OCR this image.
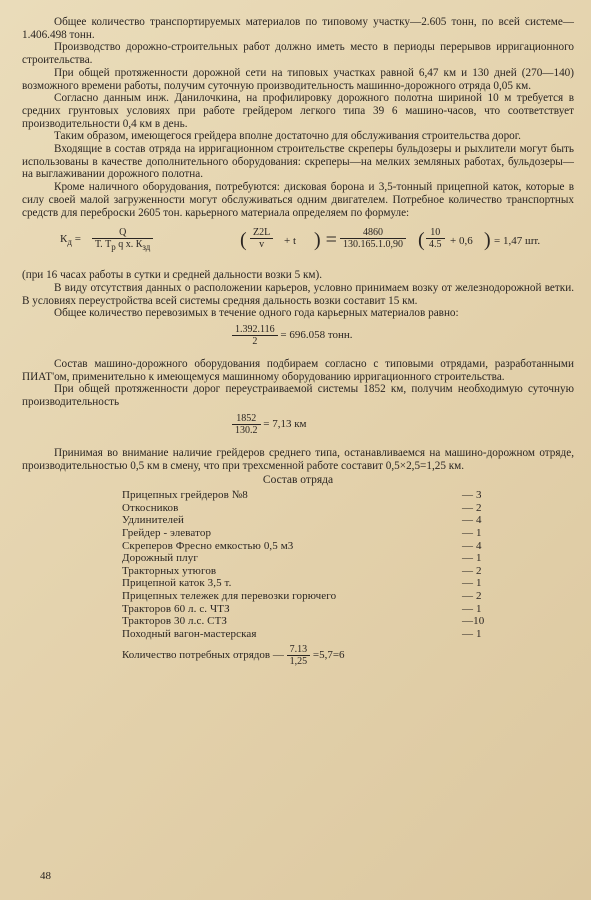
Общее количество транспортируемых материалов по типовому участку—2.605 тонн, по всей системе—1.406.498 тонн.

Производство дорожно-строительных работ должно иметь место в периоды перерывов ирригационного строительства.

При общей протяженности дорожной сети на типовых участках равной 6,47 км и 130 дней (270—140) возможного времени работы, получим суточную производительность машинно-дорожного отряда 0,05 км.

Согласно данным инж. Данилочкина, на профилировку дорожного полотна шириной 10 м требуется в средних грунтовых условиях при работе грейдером легкого типа 39 6 машино-часов, что соответствует производительности 0,4 км в день.

Таким образом, имеющегося грейдера вполне достаточно для обслуживания строительства дорог.

Входящие в состав отряда на ирригационном строительстве скреперы бульдозеры и рыхлители могут быть использованы в качестве дополнительного оборудования: скреперы—на мелких земляных работах, бульдозеры—на выглаживании дорожного полотна.

Кроме наличного оборудования, потребуются: дисковая борона и 3,5-тонный прицепной каток, которые в силу своей малой загруженности могут обслуживаться одним двигателем. Потребное количество транспортных средств для переброски 2605 тон. карьерного материала определяем по формуле:

$К_д$ =
Q
Т. $Т_р$ q x. $К_{зд}$	( $\frac{Z2L}{v} + t$ ) = $\frac{4860}{130.165.1.0,90}$ ( $\frac{10}{4.5} + 0,6$ ) = 1,47 шт.

(при 16 часах работы в сутки и средней дальности возки 5 км).

В виду отсутствия данных о расположении карьеров, условно принимаем возку от железнодорожной ветки. В условиях переустройства всей системы средняя дальность возки составит 15 км.

Общее количество перевозимых в течение одного года карьерных материалов равно:

$\frac{1.392.116}{2} = 696.058$ тонн.

Состав машино-дорожного оборудования подбираем согласно с типовыми отрядами, разработанными ПИАТ'ом, применительно к имеющемуся машинному оборудованию ирригационного строительства.

При общей протяженности дорог переустраиваемой системы 1852 км, получим необходимую суточную производительность

$\frac{1852}{130.2} = 7,13$ км

Принимая во внимание наличие грейдеров среднего типа, останавливаемся на машино-дорожном отряде, производительностью 0,5 км в смену, что при трехсменной работе составит 0,5×2,5=1,25 км.

Состав отряда
Прицепных грейдеров №8	— 3
Откосников	— 2
Удлинителей	— 4
Грейдер - элеватор	— 1
Скреперов Фресно емкостью 0,5 м3	— 4
Дорожный плуг	— 1
Тракторных утюгов	— 2
Прицепной каток 3,5 т.	— 1
Прицепных тележек для перевозки горючего	— 2
Тракторов 60 л. с. ЧТЗ	— 1
Тракторов 30 л.с. СТЗ	—10
Походный вагон-мастерская	— 1
Количество потребных отрядов — $\frac{7.13}{1,25} =5,7=6$
48
